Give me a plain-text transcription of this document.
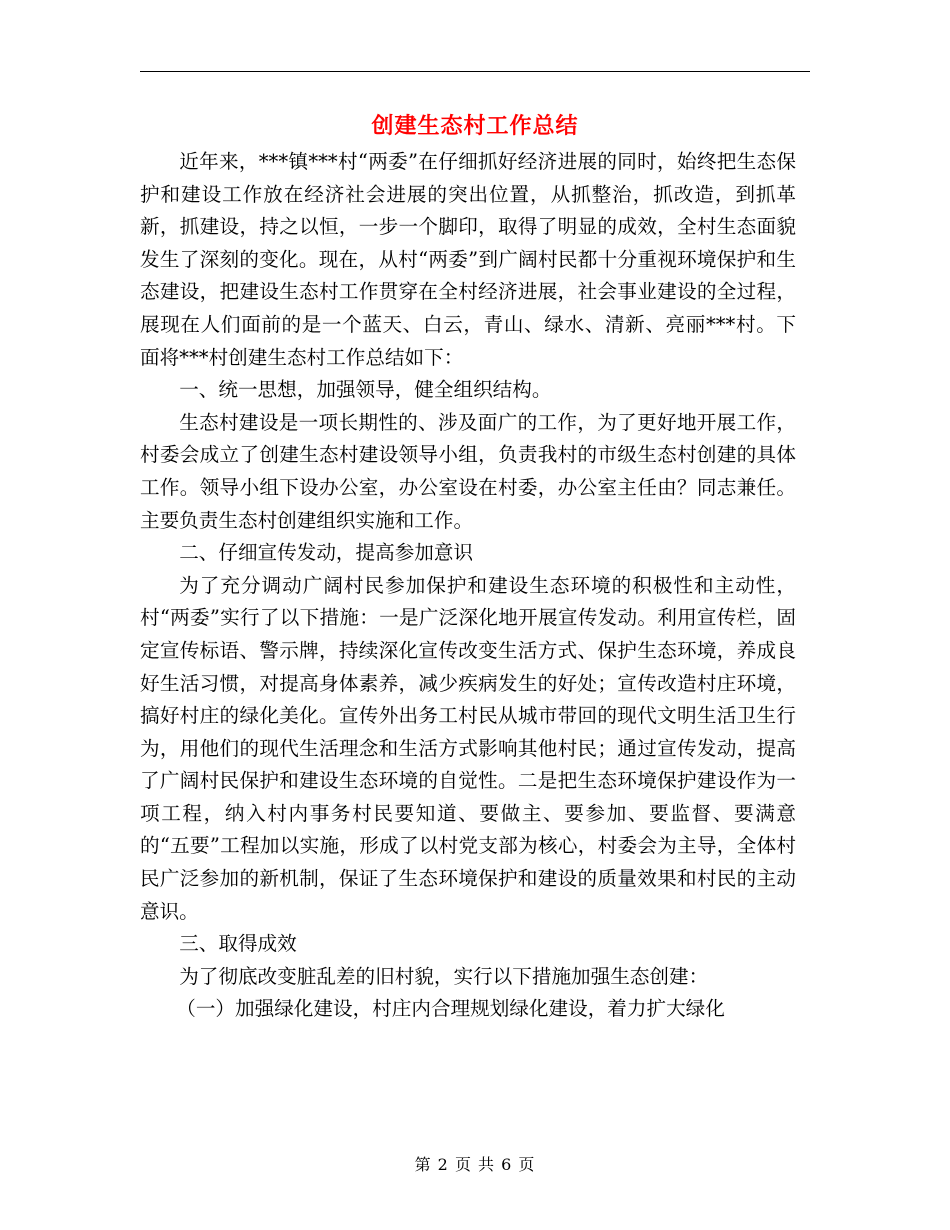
创建生态村工作总结

近年来，***镇***村“两委”在仔细抓好经济进展的同时，始终把生态保护和建设工作放在经济社会进展的突出位置，从抓整治，抓改造，到抓革新，抓建设，持之以恒，一步一个脚印，取得了明显的成效，全村生态面貌发生了深刻的变化。现在，从村“两委”到广阔村民都十分重视环境保护和生态建设，把建设生态村工作贯穿在全村经济进展，社会事业建设的全过程，展现在人们面前的是一个蓝天、白云，青山、绿水、清新、亮丽***村。下面将***村创建生态村工作总结如下：

一、统一思想，加强领导，健全组织结构。

生态村建设是一项长期性的、涉及面广的工作，为了更好地开展工作，村委会成立了创建生态村建设领导小组，负责我村的市级生态村创建的具体工作。领导小组下设办公室，办公室设在村委，办公室主任由？同志兼任。主要负责生态村创建组织实施和工作。

二、仔细宣传发动，提高参加意识

为了充分调动广阔村民参加保护和建设生态环境的积极性和主动性，村“两委”实行了以下措施：一是广泛深化地开展宣传发动。利用宣传栏，固定宣传标语、警示牌，持续深化宣传改变生活方式、保护生态环境，养成良好生活习惯，对提高身体素养，减少疾病发生的好处；宣传改造村庄环境，搞好村庄的绿化美化。宣传外出务工村民从城市带回的现代文明生活卫生行为，用他们的现代生活理念和生活方式影响其他村民；通过宣传发动，提高了广阔村民保护和建设生态环境的自觉性。二是把生态环境保护建设作为一项工程，纳入村内事务村民要知道、要做主、要参加、要监督、要满意的“五要”工程加以实施，形成了以村党支部为核心，村委会为主导，全体村民广泛参加的新机制，保证了生态环境保护和建设的质量效果和村民的主动意识。

三、取得成效

为了彻底改变脏乱差的旧村貌，实行以下措施加强生态创建：

（一）加强绿化建设，村庄内合理规划绿化建设，着力扩大绿化

第 2 页 共 6 页
